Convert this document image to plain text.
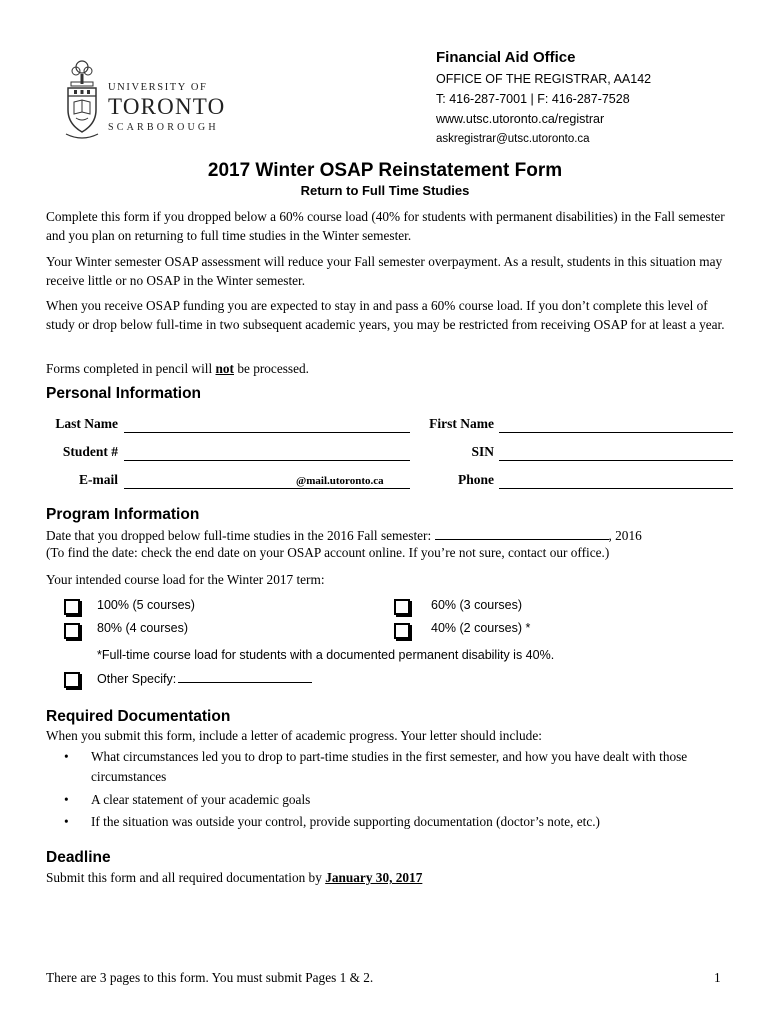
UNIVERSITY OF
TORONTO
SCARBOROUGH
Financial Aid Office
OFFICE OF THE REGISTRAR, AA142
T: 416-287-7001 | F: 416-287-7528
www.utsc.utoronto.ca/registrar
askregistrar@utsc.utoronto.ca
2017 Winter OSAP Reinstatement Form
Return to Full Time Studies
Complete this form if you dropped below a 60% course load (40% for students with permanent disabilities) in the Fall semester and you plan on returning to full time studies in the Winter semester.
Your Winter semester OSAP assessment will reduce your Fall semester overpayment. As a result, students in this situation may receive little or no OSAP in the Winter semester.
When you receive OSAP funding you are expected to stay in and pass a 60% course load. If you don’t complete this level of study or drop below full-time in two subsequent academic years, you may be restricted from receiving OSAP for at least a year.
Forms completed in pencil will not be processed.
Personal Information
Last Name	First Name
Student #	SIN
E-mail	@mail.utoronto.ca	Phone
Program Information
Date that you dropped below full-time studies in the 2016 Fall semester:	, 2016
(To find the date: check the end date on your OSAP account online. If you’re not sure, contact our office.)
Your intended course load for the Winter 2017 term:
100% (5 courses)	60% (3 courses)
80% (4 courses)	40% (2 courses) *
*Full-time course load for students with a documented permanent disability is 40%.
Other Specify:
Required Documentation
When you submit this form, include a letter of academic progress. Your letter should include:
• What circumstances led you to drop to part-time studies in the first semester, and how you have dealt with those circumstances
• A clear statement of your academic goals
• If the situation was outside your control, provide supporting documentation (doctor’s note, etc.)
Deadline
Submit this form and all required documentation by January 30, 2017
There are 3 pages to this form. You must submit Pages 1 & 2.	1
